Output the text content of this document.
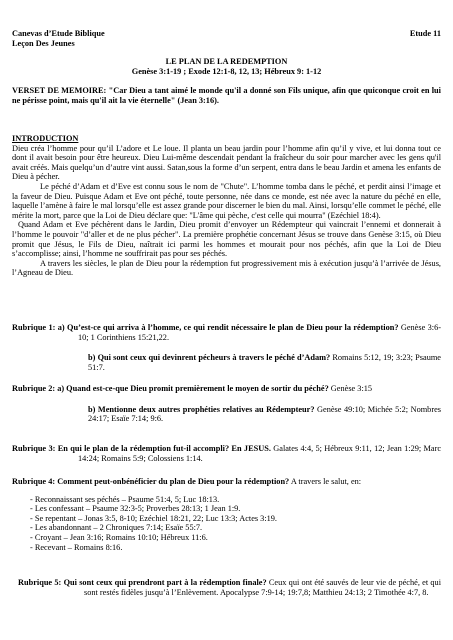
Canevas d’Etude Biblique
Leçon Des Jeunes
Etude 11
LE PLAN DE LA REDEMPTION
Genèse 3:1-19 ; Exode 12:1-8, 12, 13; Hébreux 9: 1-12

VERSET DE MEMOIRE: "Car Dieu a tant aimé le monde qu'il a donné son Fils unique, afin que quiconque croit en lui ne périsse point, mais qu'il ait la vie éternelle" (Jean 3:16).

INTRODUCTION

Dieu créa l’homme pour qu’il L’adore et Le loue. Il planta un beau jardin pour l’homme afin qu’il y vive, et lui donna tout ce dont il avait besoin pour être heureux. Dieu Lui-même descendait pendant la fraîcheur du soir pour marcher avec les gens qu'il avait créés. Mais quelqu’un d’autre vint aussi. Satan,sous la forme d’un serpent, entra dans le beau Jardin et amena les enfants de Dieu à pécher.

Le péché d’Adam et d’Eve est connu sous le nom de "Chute". L’homme tomba dans le péché, et perdit ainsi l’image et la faveur de Dieu. Puisque Adam et Eve ont péché, toute personne, née dans ce monde, est née avec la nature du péché en elle, laquelle l’amène à faire le mal lorsqu’elle est assez grande pour discerner le bien du mal. Ainsi, lorsqu’elle commet le péché, elle mérite la mort, parce que la Loi de Dieu déclare que: "L'âme qui pèche, c'est celle qui mourra" (Ezéchiel 18:4).

Quand Adam et Eve péchèrent dans le Jardin, Dieu promit d’envoyer un Rédempteur qui vaincrait l’ennemi et donnerait à l’homme le pouvoir "d’aller et de ne plus pécher". La première prophétie concernant Jésus se trouve dans Genèse 3:15, où Dieu promit que Jésus, le Fils de Dieu, naîtrait ici parmi les hommes et mourait pour nos péchés, afin que la Loi de Dieu s’accomplisse; ainsi, l’homme ne souffrirait pas pour ses péchés.

A travers les siècles, le plan de Dieu pour la rédemption fut progressivement mis à exécution jusqu’à l’arrivée de Jésus, l’Agneau de Dieu.

Rubrique 1: a) Qu’est-ce qui arriva à l’homme, ce qui rendit nécessaire le plan de Dieu pour la rédemption? Genèse 3:6-10; 1 Corinthiens 15:21,22.

b) Qui sont ceux qui devinrent pécheurs à travers le péché d’Adam? Romains 5:12, 19; 3:23; Psaume 51:7.

Rubrique 2: a) Quand est-ce-que Dieu promit premièrement le moyen de sortir du péché? Genèse 3:15

b) Mentionne deux autres prophéties relatives au Rédempteur? Genèse 49:10; Michée 5:2; Nombres 24:17; Esaïe 7:14; 9:6.

Rubrique 3: En qui le plan de la rédemption fut-il accompli? En JESUS. Galates 4:4, 5; Hébreux 9:11, 12; Jean 1:29; Marc 14:24; Romains 5:9; Colossiens 1:14.

Rubrique 4: Comment peut-onbénéficier du plan de Dieu pour la rédemption? A travers le salut, en:

- Reconnaissant ses péchés – Psaume 51:4, 5; Luc 18:13.
- Les confessant – Psaume 32:3-5; Proverbes 28:13; 1 Jean 1:9.
- Se repentant – Jonas 3:5, 8-10; Ezéchiel 18:21, 22; Luc 13:3; Actes 3:19.
- Les abandonnant – 2 Chroniques 7:14; Esaïe 55:7.
- Croyant – Jean 3:16; Romains 10:10; Hébreux 11:6.
- Recevant – Romains 8:16.

Rubrique 5: Qui sont ceux qui prendront part à la rédemption finale? Ceux qui ont été sauvés de leur vie de péché, et qui sont restés fidèles jusqu’à l’Enlèvement. Apocalypse 7:9-14; 19:7,8; Matthieu 24:13; 2 Timothée 4:7, 8.
